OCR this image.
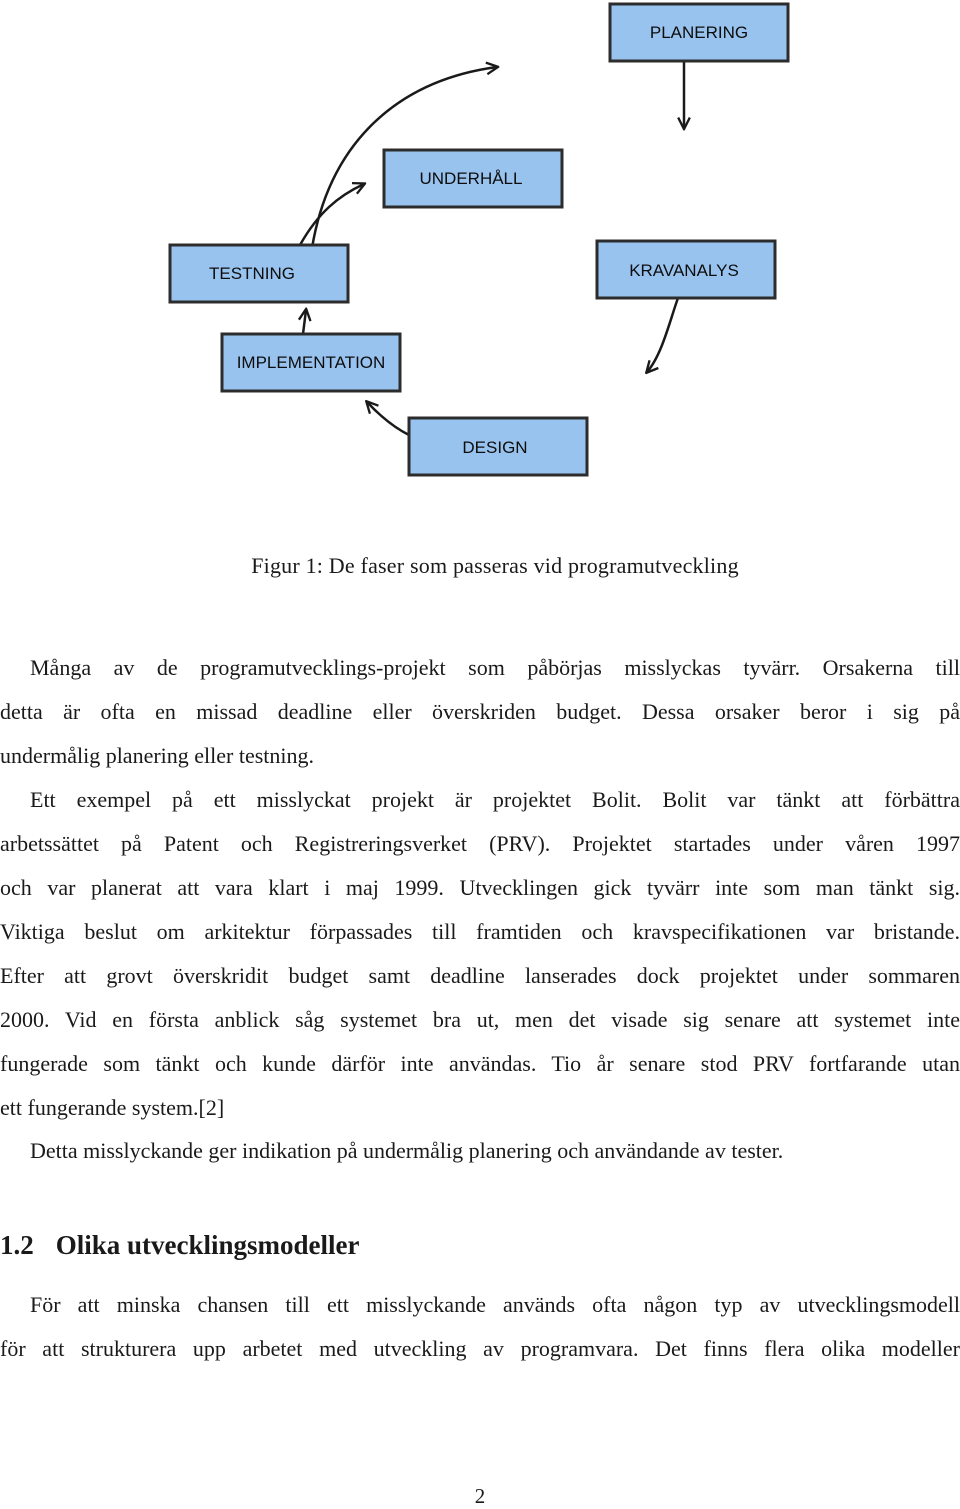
PLANERING
UNDERHÅLL
KRAVANALYS
TESTNING
IMPLEMENTATION
DESIGN
Figur 1: De faser som passeras vid programutveckling

Många av de programutvecklings-projekt som påbörjas misslyckas tyvärr. Orsakerna till
detta är ofta en missad deadline eller överskriden budget. Dessa orsaker beror i sig på
undermålig planering eller testning.

Ett exempel på ett misslyckat projekt är projektet Bolit. Bolit var tänkt att förbättra
arbetssättet på Patent och Registreringsverket (PRV). Projektet startades under våren 1997
och var planerat att vara klart i maj 1999. Utvecklingen gick tyvärr inte som man tänkt sig.
Viktiga beslut om arkitektur förpassades till framtiden och kravspecifikationen var bristande.
Efter att grovt överskridit budget samt deadline lanserades dock projektet under sommaren
2000. Vid en första anblick såg systemet bra ut, men det visade sig senare att systemet inte
fungerade som tänkt och kunde därför inte användas. Tio år senare stod PRV fortfarande utan
ett fungerande system.[2]

Detta misslyckande ger indikation på undermålig planering och användande av tester.

1.2 Olika utvecklingsmodeller

För att minska chansen till ett misslyckande används ofta någon typ av utvecklingsmodell
för att strukturera upp arbetet med utveckling av programvara. Det finns flera olika modeller

2
